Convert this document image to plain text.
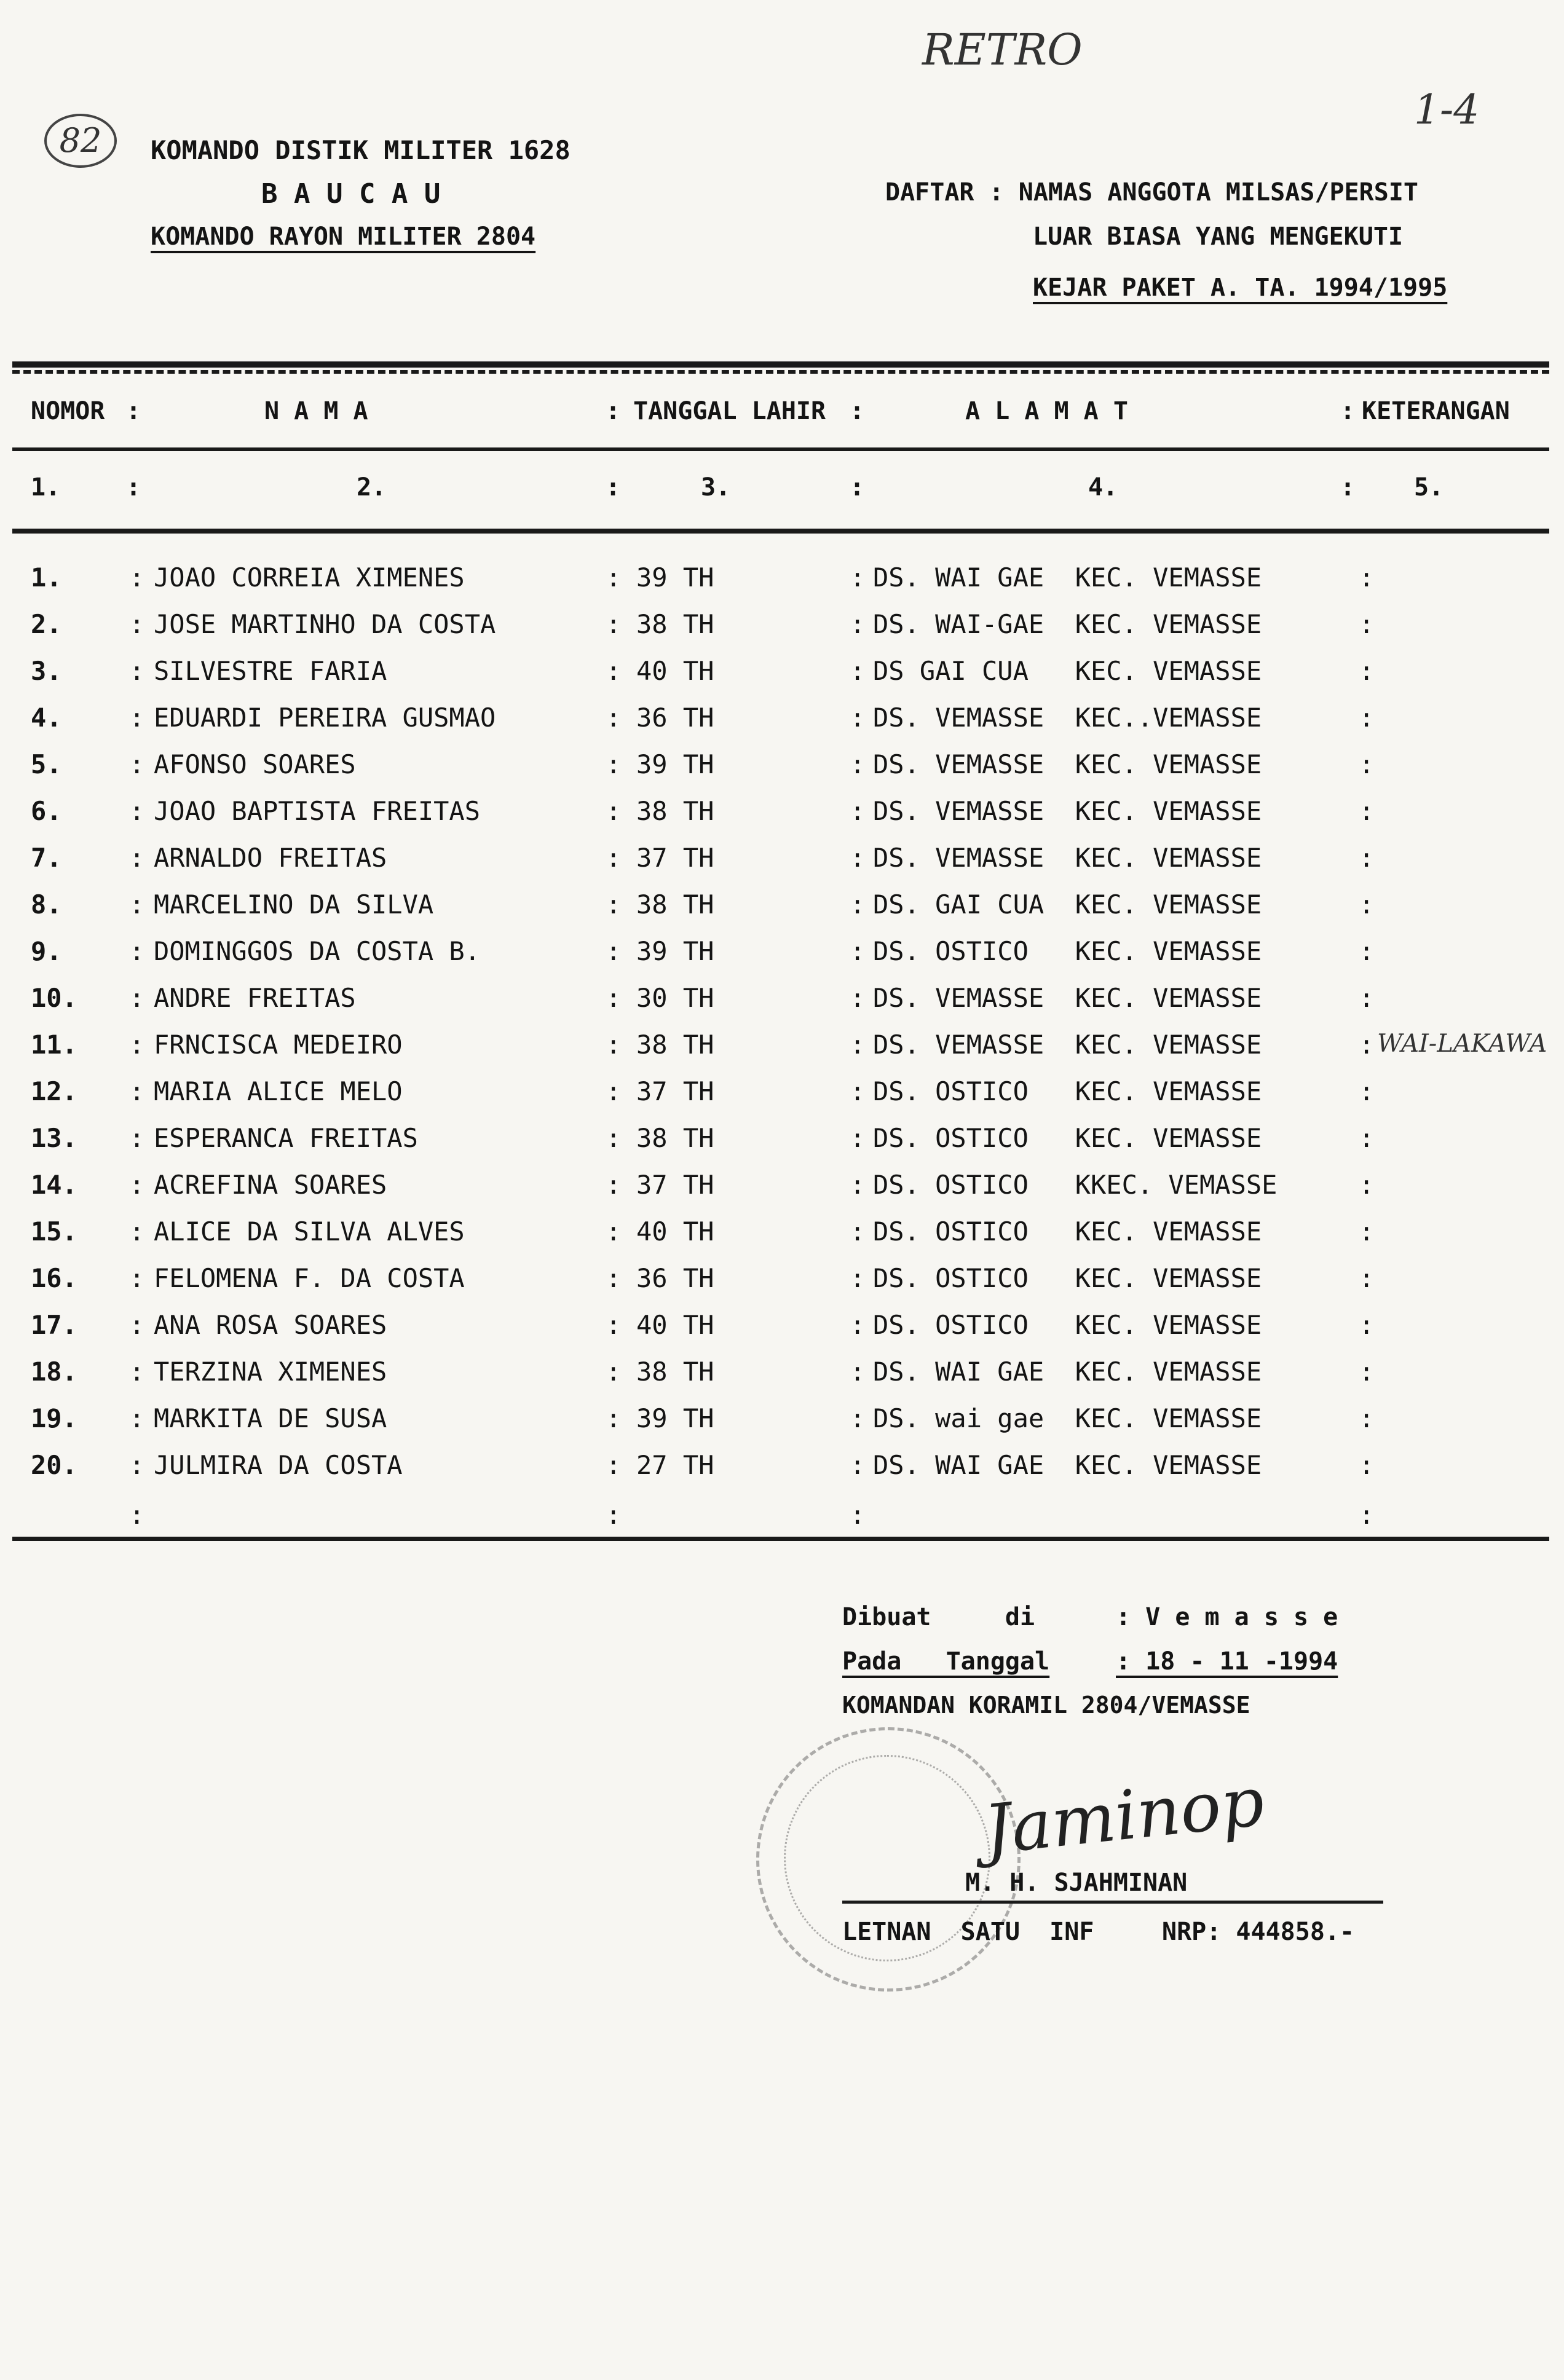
RETRO
1-4
82	KOMANDO DISTIK MILITER 1628
B A U C A U
KOMANDO RAYON MILITER 2804
DAFTAR : NAMAS ANGGOTA MILSAS/PERSIT
LUAR BIASA YANG MENGEKUTI
KEJAR PAKET A. TA. 1994/1995
NOMOR :	N A M A	: TANGGAL LAHIR :	A L A M A T	: KETERANGAN
1.	:	2.	:	3.	:	4.	: 5.
1.	: JOAO CORREIA XIMENES	: 39 TH	: DS. WAI GAE  KEC. VEMASSE	:
2.	: JOSE MARTINHO DA COSTA	: 38 TH	: DS. WAI-GAE  KEC. VEMASSE	:
3.	: SILVESTRE FARIA	: 40 TH	: DS GAI CUA   KEC. VEMASSE	:
4.	: EDUARDI PEREIRA GUSMAO	: 36 TH	: DS. VEMASSE  KEC..VEMASSE	:
5.	: AFONSO SOARES	: 39 TH	: DS. VEMASSE  KEC. VEMASSE	:
6.	: JOAO BAPTISTA FREITAS	: 38 TH	: DS. VEMASSE  KEC. VEMASSE	:
7.	: ARNALDO FREITAS	: 37 TH	: DS. VEMASSE  KEC. VEMASSE	:
8.	: MARCELINO DA SILVA	: 38 TH	: DS. GAI CUA  KEC. VEMASSE	:
9.	: DOMINGGOS DA COSTA B.	: 39 TH	: DS. OSTICO   KEC. VEMASSE	:
10. : ANDRE FREITAS	: 30 TH	: DS. VEMASSE  KEC. VEMASSE	:
11. : FRNCISCA MEDEIRO	: 38 TH	: DS. VEMASSE  KEC. VEMASSE	: WAI-LAKAWA
12. : MARIA ALICE MELO	: 37 TH	: DS. OSTICO   KEC. VEMASSE	:
13. : ESPERANCA FREITAS	: 38 TH	: DS. OSTICO   KEC. VEMASSE	:
14. : ACREFINA SOARES	: 37 TH	: DS. OSTICO   KKEC. VEMASSE	:
15. : ALICE DA SILVA ALVES	: 40 TH	: DS. OSTICO   KEC. VEMASSE	:
16. : FELOMENA F. DA COSTA	: 36 TH	: DS. OSTICO   KEC. VEMASSE	:
17. : ANA ROSA SOARES	: 40 TH	: DS. OSTICO   KEC. VEMASSE	:
18. : TERZINA XIMENES	: 38 TH	: DS. WAI GAE  KEC. VEMASSE	:
19. : MARKITA DE SUSA	: 39 TH	: DS. wai gae  KEC. VEMASSE	:
20. : JULMIRA DA COSTA	: 27 TH	: DS. WAI GAE  KEC. VEMASSE	:
:	:	:	:
Dibuat     di	: V e m a s s e
Pada   Tanggal	: 18 - 11 -1994
KOMANDAN KORAMIL 2804/VEMASSE
Jaminop
M. H. SJAHMINAN
LETNAN  SATU  INF	NRP: 444858.-
